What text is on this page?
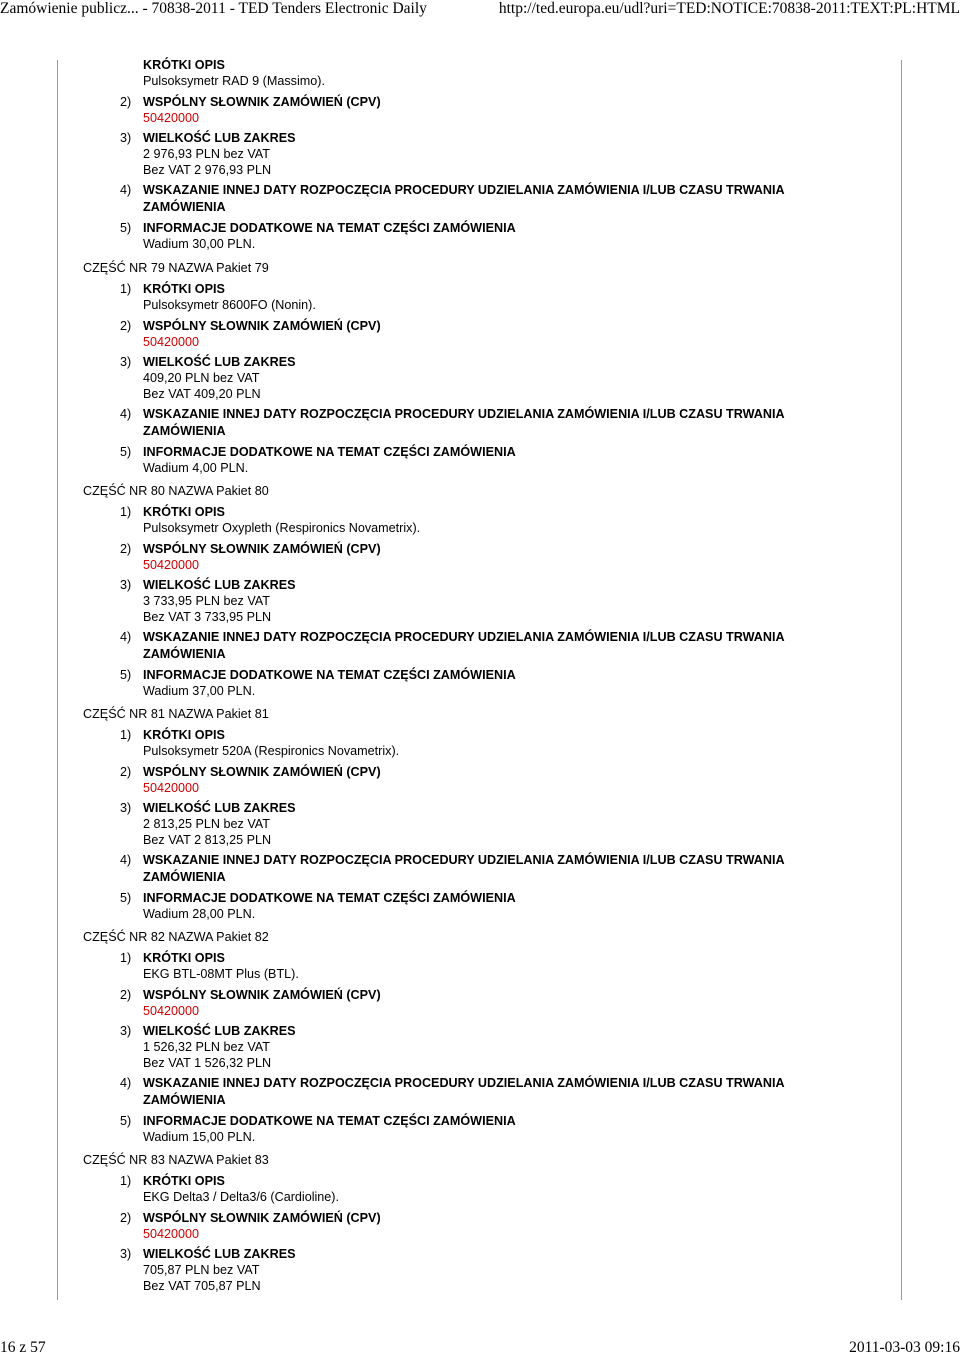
Zamówienie publicz... - 70838-2011 - TED Tenders Electronic Daily	http://ted.europa.eu/udl?uri=TED:NOTICE:70838-2011:TEXT:PL:HTML
KRÓTKI OPIS
Pulsoksymetr RAD 9 (Massimo).
2) WSPÓLNY SŁOWNIK ZAMÓWIEŃ (CPV)
50420000
3) WIELKOŚĆ LUB ZAKRES
2 976,93 PLN bez VAT
Bez VAT 2 976,93 PLN
4) WSKAZANIE INNEJ DATY ROZPOCZĘCIA PROCEDURY UDZIELANIA ZAMÓWIENIA I/LUB CZASU TRWANIA
ZAMÓWIENIA
5) INFORMACJE DODATKOWE NA TEMAT CZĘŚCI ZAMÓWIENIA
Wadium 30,00 PLN.
CZĘŚĆ NR 79 NAZWA Pakiet 79
1) KRÓTKI OPIS
Pulsoksymetr 8600FO (Nonin).
2) WSPÓLNY SŁOWNIK ZAMÓWIEŃ (CPV)
50420000
3) WIELKOŚĆ LUB ZAKRES
409,20 PLN bez VAT
Bez VAT 409,20 PLN
4) WSKAZANIE INNEJ DATY ROZPOCZĘCIA PROCEDURY UDZIELANIA ZAMÓWIENIA I/LUB CZASU TRWANIA
ZAMÓWIENIA
5) INFORMACJE DODATKOWE NA TEMAT CZĘŚCI ZAMÓWIENIA
Wadium 4,00 PLN.
CZĘŚĆ NR 80 NAZWA Pakiet 80
1) KRÓTKI OPIS
Pulsoksymetr Oxypleth (Respironics Novametrix).
2) WSPÓLNY SŁOWNIK ZAMÓWIEŃ (CPV)
50420000
3) WIELKOŚĆ LUB ZAKRES
3 733,95 PLN bez VAT
Bez VAT 3 733,95 PLN
4) WSKAZANIE INNEJ DATY ROZPOCZĘCIA PROCEDURY UDZIELANIA ZAMÓWIENIA I/LUB CZASU TRWANIA
ZAMÓWIENIA
5) INFORMACJE DODATKOWE NA TEMAT CZĘŚCI ZAMÓWIENIA
Wadium 37,00 PLN.
CZĘŚĆ NR 81 NAZWA Pakiet 81
1) KRÓTKI OPIS
Pulsoksymetr 520A (Respironics Novametrix).
2) WSPÓLNY SŁOWNIK ZAMÓWIEŃ (CPV)
50420000
3) WIELKOŚĆ LUB ZAKRES
2 813,25 PLN bez VAT
Bez VAT 2 813,25 PLN
4) WSKAZANIE INNEJ DATY ROZPOCZĘCIA PROCEDURY UDZIELANIA ZAMÓWIENIA I/LUB CZASU TRWANIA
ZAMÓWIENIA
5) INFORMACJE DODATKOWE NA TEMAT CZĘŚCI ZAMÓWIENIA
Wadium 28,00 PLN.
CZĘŚĆ NR 82 NAZWA Pakiet 82
1) KRÓTKI OPIS
EKG BTL-08MT Plus (BTL).
2) WSPÓLNY SŁOWNIK ZAMÓWIEŃ (CPV)
50420000
3) WIELKOŚĆ LUB ZAKRES
1 526,32 PLN bez VAT
Bez VAT 1 526,32 PLN
4) WSKAZANIE INNEJ DATY ROZPOCZĘCIA PROCEDURY UDZIELANIA ZAMÓWIENIA I/LUB CZASU TRWANIA
ZAMÓWIENIA
5) INFORMACJE DODATKOWE NA TEMAT CZĘŚCI ZAMÓWIENIA
Wadium 15,00 PLN.
CZĘŚĆ NR 83 NAZWA Pakiet 83
1) KRÓTKI OPIS
EKG Delta3 / Delta3/6 (Cardioline).
2) WSPÓLNY SŁOWNIK ZAMÓWIEŃ (CPV)
50420000
3) WIELKOŚĆ LUB ZAKRES
705,87 PLN bez VAT
Bez VAT 705,87 PLN
16 z 57	2011-03-03 09:16
